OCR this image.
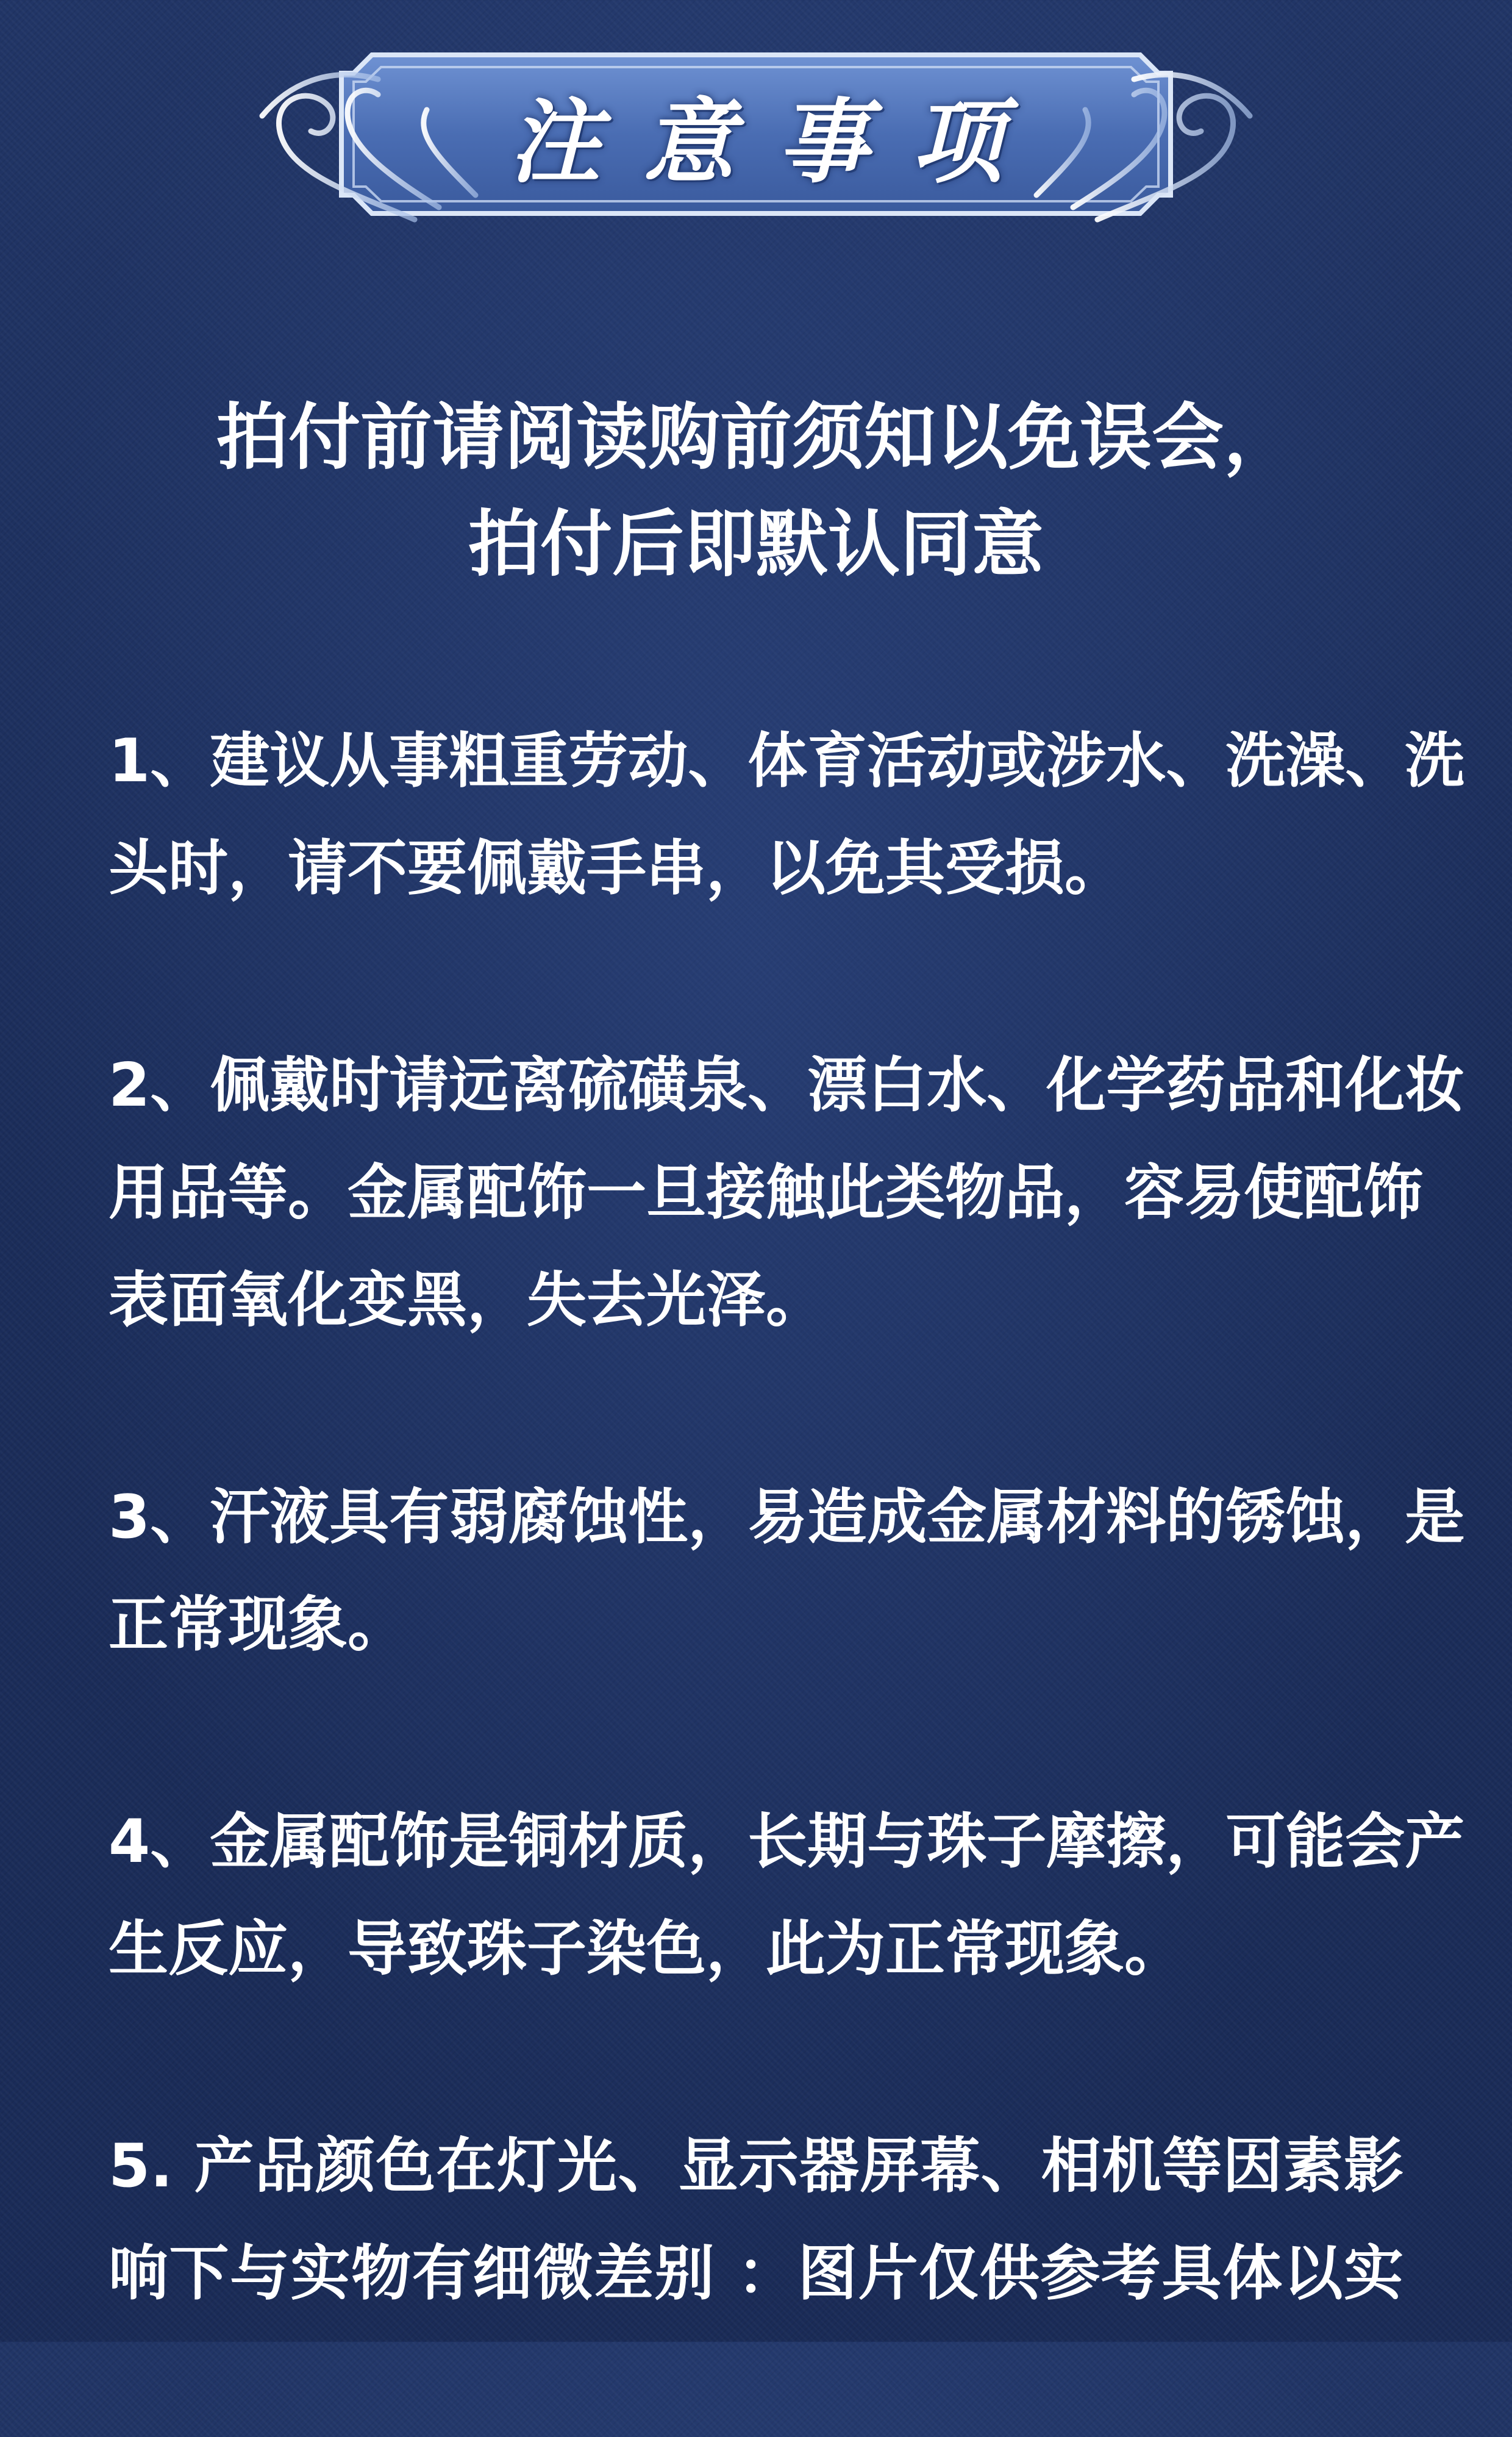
注意事项
拍付前请阅读购前须知以免误会，
拍付后即默认同意
1、建议从事粗重劳动、体育活动或涉水、洗澡、洗
头时，请不要佩戴手串，以免其受损。
2、佩戴时请远离硫磺泉、漂白水、化学药品和化妆
用品等。金属配饰一旦接触此类物品，容易使配饰
表面氧化变黑，失去光泽。
3、汗液具有弱腐蚀性，易造成金属材料的锈蚀，是
正常现象。
4、金属配饰是铜材质，长期与珠子摩擦，可能会产
生反应，导致珠子染色，此为正常现象。
5. 产品颜色在灯光、显示器屏幕、相机等因素影
响下与实物有细微差别 ：图片仅供参考具体以实
